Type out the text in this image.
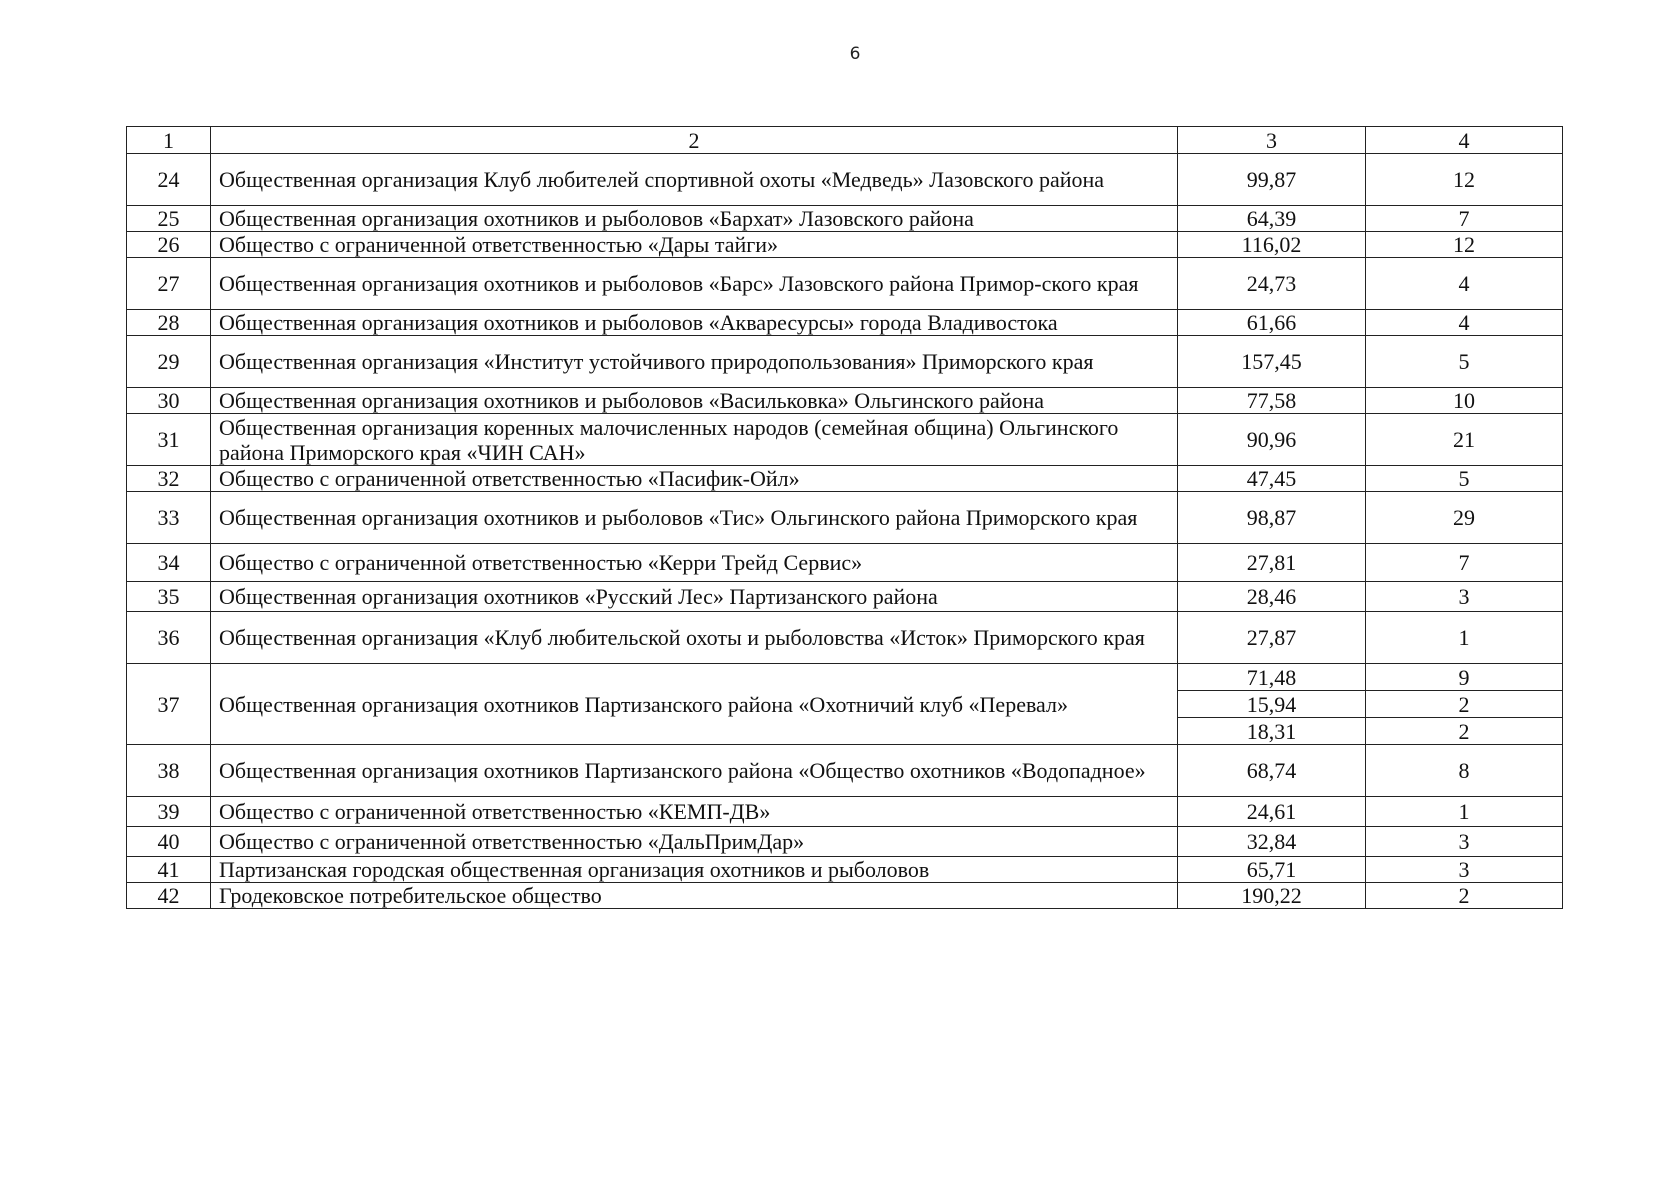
6
1	2	3	4
24	Общественная организация Клуб любителей спортивной охоты «Медведь» Лазовского района	99,87	12
25	Общественная организация охотников и рыболовов «Бархат» Лазовского района	64,39	7
26	Общество с ограниченной ответственностью «Дары тайги»	116,02	12
27	Общественная организация охотников и рыболовов «Барс» Лазовского района Примор-ского края	24,73	4
28	Общественная организация охотников и рыболовов «Акваресурсы» города Владивостока	61,66	4
29	Общественная организация «Институт устойчивого природопользования» Приморского края	157,45	5
30	Общественная организация охотников и рыболовов «Васильковка» Ольгинского района	77,58	10
31	Общественная организация коренных малочисленных народов (семейная община) Ольгинского района Приморского края «ЧИН САН»	90,96	21
32	Общество с ограниченной ответственностью «Пасифик-Ойл»	47,45	5
33	Общественная организация охотников и рыболовов «Тис» Ольгинского района Приморского края	98,87	29
34	Общество с ограниченной ответственностью «Керри Трейд Сервис»	27,81	7
35	Общественная организация охотников «Русский Лес» Партизанского района	28,46	3
36	Общественная организация «Клуб любительской охоты и рыболовства «Исток» Приморского края	27,87	1
37	Общественная организация охотников Партизанского района «Охотничий клуб «Перевал»	71,48	9
		15,94	2
		18,31	2
38	Общественная организация охотников Партизанского района «Общество охотников «Водопадное»	68,74	8
39	Общество с ограниченной ответственностью «КЕМП-ДВ»	24,61	1
40	Общество с ограниченной ответственностью «ДальПримДар»	32,84	3
41	Партизанская городская общественная организация охотников и рыболовов	65,71	3
42	Гродековское потребительское общество	190,22	2
